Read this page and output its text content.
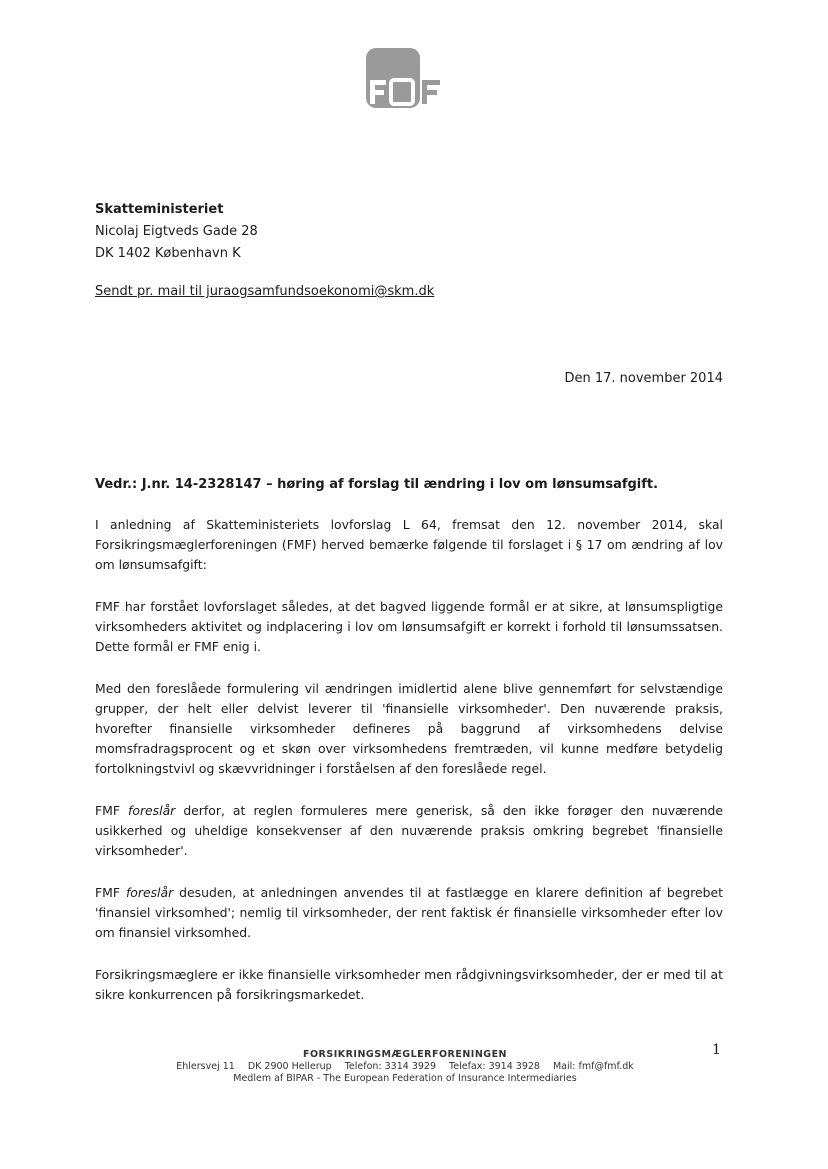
Skatteministeriet
Nicolaj Eigtveds Gade 28
DK 1402 København K
Sendt pr. mail til juraogsamfundsoekonomi@skm.dk
Den 17. november 2014
Vedr.: J.nr. 14-2328147 – høring af forslag til ændring i lov om lønsumsafgift.

I anledning af Skatteministeriets lovforslag L 64, fremsat den 12. november 2014, skal Forsikringsmæglerforeningen (FMF) herved bemærke følgende til forslaget i § 17 om ændring af lov om lønsumsafgift:

FMF har forstået lovforslaget således, at det bagved liggende formål er at sikre, at lønsumspligtige virksomheders aktivitet og indplacering i lov om lønsumsafgift er korrekt i forhold til lønsumssatsen. Dette formål er FMF enig i.

Med den foreslåede formulering vil ændringen imidlertid alene blive gennemført for selvstændige grupper, der helt eller delvist leverer til 'finansielle virksomheder'. Den nuværende praksis, hvorefter finansielle virksomheder defineres på baggrund af virksomhedens delvise momsfradragsprocent og et skøn over virksomhedens fremtræden, vil kunne medføre betydelig fortolkningstvivl og skævvridninger i forståelsen af den foreslåede regel.

FMF foreslår derfor, at reglen formuleres mere generisk, så den ikke forøger den nuværende usikkerhed og uheldige konsekvenser af den nuværende praksis omkring begrebet 'finansielle virksomheder'.

FMF foreslår desuden, at anledningen anvendes til at fastlægge en klarere definition af begrebet 'finansiel virksomhed'; nemlig til virksomheder, der rent faktisk ér finansielle virksomheder efter lov om finansiel virksomhed.

Forsikringsmæglere er ikke finansielle virksomheder men rådgivningsvirksomheder, der er med til at sikre konkurrencen på forsikringsmarkedet.

1
FORSIKRINGSMÆGLERFORENINGEN
Ehlersvej 11 DK 2900 Hellerup Telefon: 3314 3929 Telefax: 3914 3928 Mail: fmf@fmf.dk
Medlem af BIPAR - The European Federation of Insurance Intermediaries
